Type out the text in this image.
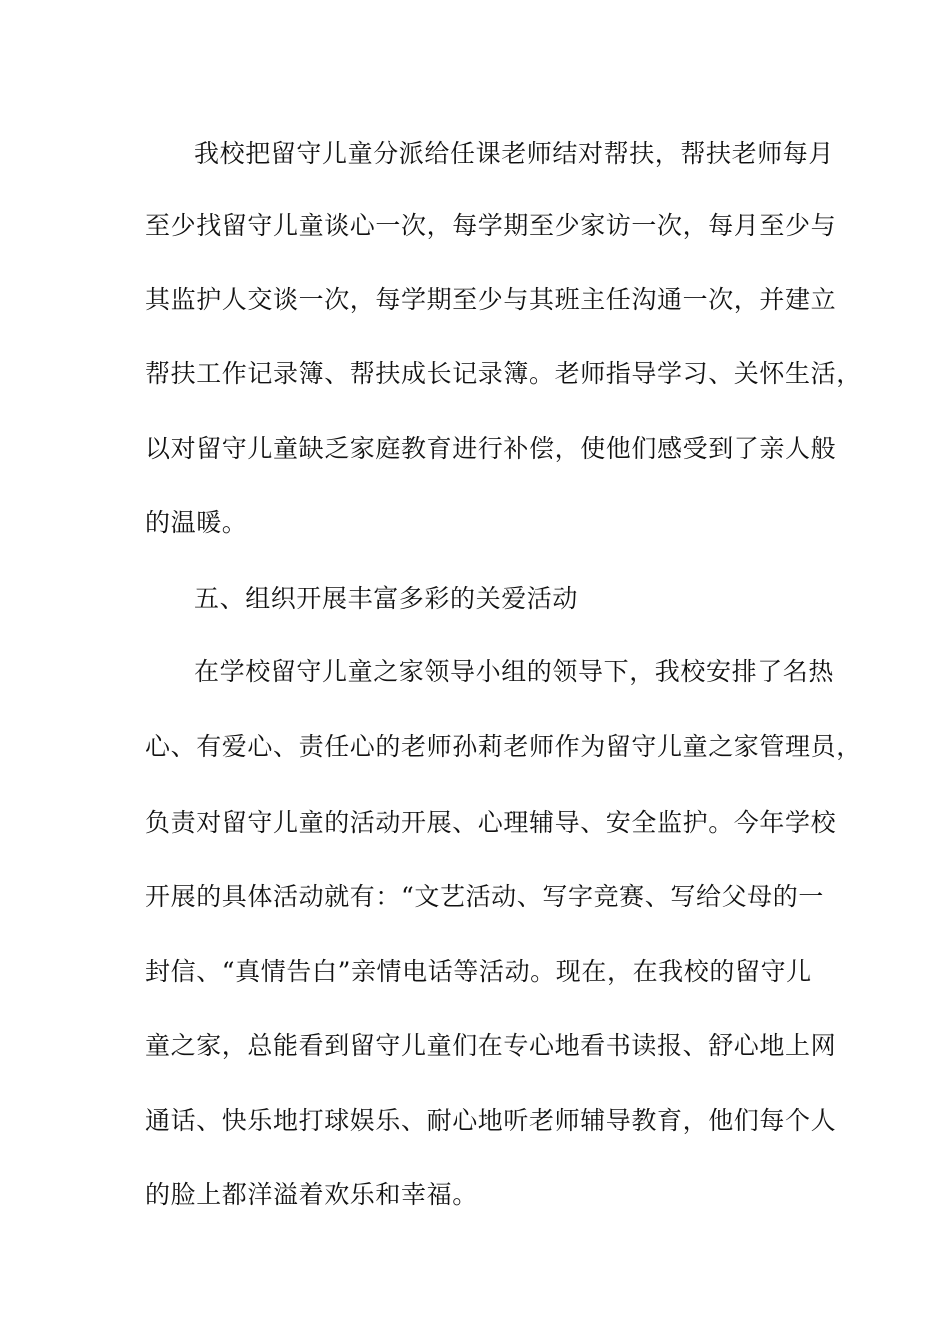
我校把留守儿童分派给任课老师结对帮扶，帮扶老师每月
至少找留守儿童谈心一次，每学期至少家访一次，每月至少与
其监护人交谈一次，每学期至少与其班主任沟通一次，并建立
帮扶工作记录簿、帮扶成长记录簿。老师指导学习、关怀生活，
以对留守儿童缺乏家庭教育进行补偿，使他们感受到了亲人般
的温暖。
五、组织开展丰富多彩的关爱活动
在学校留守儿童之家领导小组的领导下，我校安排了名热
心、有爱心、责任心的老师孙莉老师作为留守儿童之家管理员，
负责对留守儿童的活动开展、心理辅导、安全监护。今年学校
开展的具体活动就有：“文艺活动、写字竞赛、写给父母的一
封信、“真情告白”亲情电话等活动。现在，在我校的留守儿
童之家，总能看到留守儿童们在专心地看书读报、舒心地上网
通话、快乐地打球娱乐、耐心地听老师辅导教育，他们每个人
的脸上都洋溢着欢乐和幸福。
